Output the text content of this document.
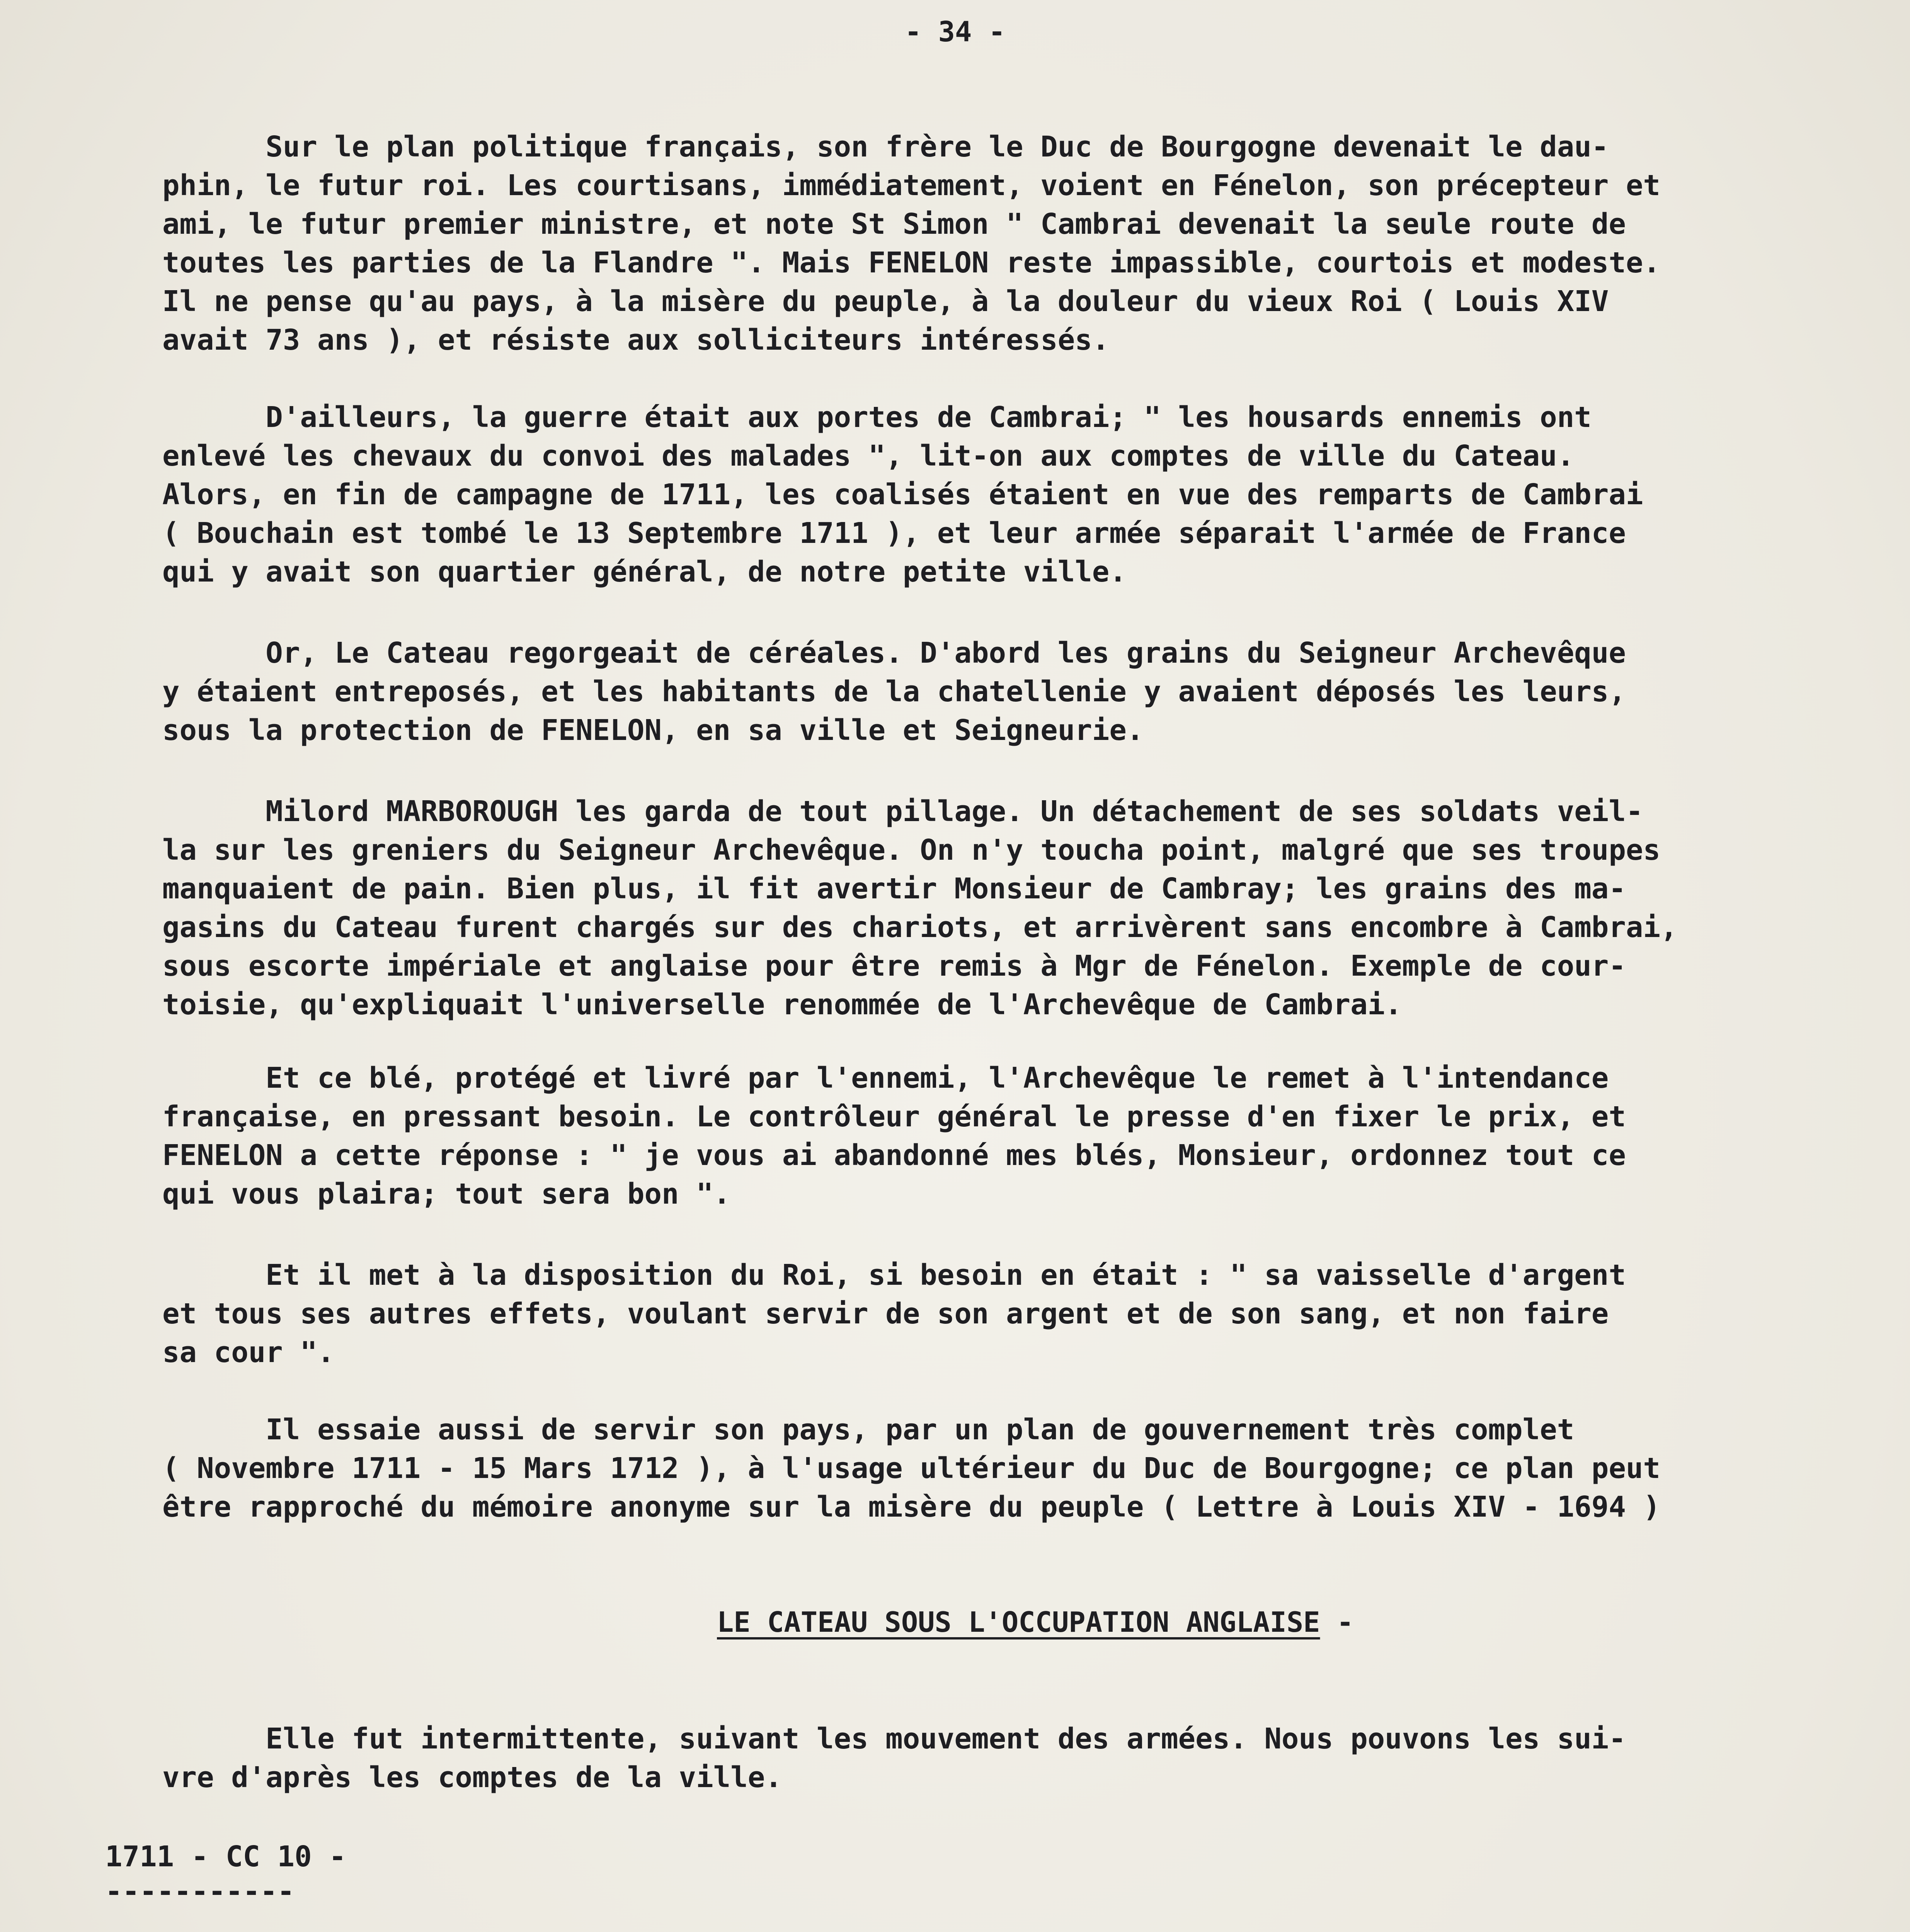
- 34 -

Sur le plan politique français, son frère le Duc de Bourgogne devenait le dau-
phin, le futur roi. Les courtisans, immédiatement, voient en Fénelon, son précepteur et
ami, le futur premier ministre, et note St Simon " Cambrai devenait la seule route de
toutes les parties de la Flandre ". Mais FENELON reste impassible, courtois et modeste.
Il ne pense qu'au pays, à la misère du peuple, à la douleur du vieux Roi ( Louis XIV
avait 73 ans ), et résiste aux solliciteurs intéressés.

D'ailleurs, la guerre était aux portes de Cambrai; " les housards ennemis ont
enlevé les chevaux du convoi des malades ", lit-on aux comptes de ville du Cateau.
Alors, en fin de campagne de 1711, les coalisés étaient en vue des remparts de Cambrai
( Bouchain est tombé le 13 Septembre 1711 ), et leur armée séparait l'armée de France
qui y avait son quartier général, de notre petite ville.

Or, Le Cateau regorgeait de céréales. D'abord les grains du Seigneur Archevêque
y étaient entreposés, et les habitants de la chatellenie y avaient déposés les leurs,
sous la protection de FENELON, en sa ville et Seigneurie.

Milord MARBOROUGH les garda de tout pillage. Un détachement de ses soldats veil-
la sur les greniers du Seigneur Archevêque. On n'y toucha point, malgré que ses troupes
manquaient de pain. Bien plus, il fit avertir Monsieur de Cambray; les grains des ma-
gasins du Cateau furent chargés sur des chariots, et arrivèrent sans encombre à Cambrai,
sous escorte impériale et anglaise pour être remis à Mgr de Fénelon. Exemple de cour-
toisie, qu'expliquait l'universelle renommée de l'Archevêque de Cambrai.

Et ce blé, protégé et livré par l'ennemi, l'Archevêque le remet à l'intendance
française, en pressant besoin. Le contrôleur général le presse d'en fixer le prix, et
FENELON a cette réponse : " je vous ai abandonné mes blés, Monsieur, ordonnez tout ce
qui vous plaira; tout sera bon ".

Et il met à la disposition du Roi, si besoin en était : " sa vaisselle d'argent
et tous ses autres effets, voulant servir de son argent et de son sang, et non faire
sa cour ".

Il essaie aussi de servir son pays, par un plan de gouvernement très complet
( Novembre 1711 - 15 Mars 1712 ), à l'usage ultérieur du Duc de Bourgogne; ce plan peut
être rapproché du mémoire anonyme sur la misère du peuple ( Lettre à Louis XIV - 1694 )

LE CATEAU SOUS L'OCCUPATION ANGLAISE -

Elle fut intermittente, suivant les mouvement des armées. Nous pouvons les sui-
vre d'après les comptes de la ville.

1711 - CC 10 -
-----------
